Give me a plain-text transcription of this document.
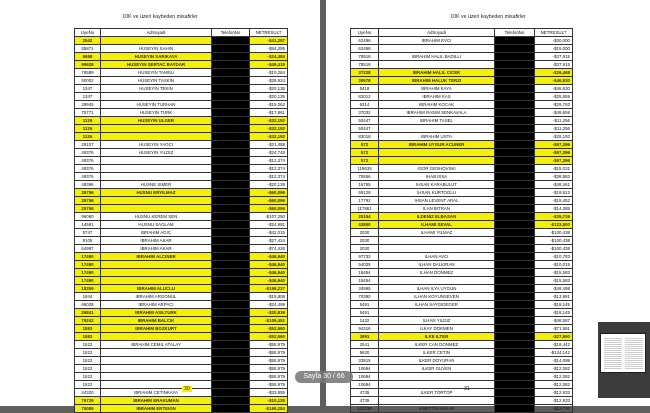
10K ve üzeri kaybeden misafirler
UyeNo	AdSoyadi	TelefonNo	NETRESULT
2542			-$41,287
55871	HUSEYIN SAHIN		-$54,395
5658	HUSEYIN SARIKAYA		-$24,484
99928	HUSEYIN SERTAC BAYDAR		-$49,419
78589	HUSEYIN TAMSU		-$10,284
50002	HUSEYIN TASKIN		-$28,924
1347	HUSEYIN TEKIN		-$20,135
1347			-$20,135
29945	HUSEYIN TURHAN		-$15,062
75771	HUSEYIN TURK		-$17,861
1126	HUSEYIN ULGER		-$32,192
1126			-$32,192
1126			-$32,192
29107	HUSEYIN YAGCI		-$21,488
49376	HUSEYIN YILDIZ		-$24,748
49376			-$12,374
49376			-$12,374
49376			-$12,374
48396	HUSNE SIMER		-$20,138
25756	HUSNU ERYILMAZ		-$60,096
25756			-$60,096
25756			-$60,096
96060	HUSNU KEREM SEN		-$107,250
14581	HUSNU SAGLAM		-$24,991
5747	IBRAHIM AGIC		-$42,015
9105	IBRAHIM AKAR		-$27,424
54997	IBRAHIM AKAR		-$74,426
17490	IBRAHIM ALCINER		-$46,940
17490			-$46,940
17490			-$46,940
17490			-$46,940
18359	IBRAHIM ALUCLU		-$166,227
1844	IBRAHIM ARGONUL		-$15,808
66028	IBRAHIM ARPACI		-$24,499
26841	IBRAHIM ASILTURK		-$20,839
79242	IBRAHIM BALCIK		-$109,451
1583	IBRAHIM BOZKURT		-$52,560
1583			-$52,560
1522	IBRAHIM CEMIL ATALAY		-$55,979
1522			-$55,979
1522			-$55,979
1522			-$55,979
1522			-$55,979
1522			-$55,979
44320	IBRAHIM CETINKAYA		-$33,855
76729	IBRAHIM ERAKUMAN		-$10,125
79089	IBRAHIM ERTEKIN		-$169,284
30
10K ve üzeri kaybeden misafirler
UyeNo	AdSoyadi	TelefonNo	NETRESULT
62498	IBRAHIM EVCI		-$30,000
62498			-$15,000
78518	IBRAHIM HALIL BADILLI		-$37,915
78518			-$37,915
37228	IBRAHIM HALIL CICEK		-$26,468
39578	IBRAHIM HALUK TERZI		-$46,930
5418	IBRAHIM KAYA		-$46,930
82013	IBRAHIM KAS		-$25,659
6314	IBRAHIM KOCAK		-$29,783
37032	IBRAHIM RASIM SENKAVALA		-$49,659
50447	IBRAHIM TASEL		-$11,256
50447			-$11,256
83018	IBRAHIM USTA		-$29,192
572	IBRAHIM UYGUR ACUNER		-$97,396
572			-$97,396
572			-$97,396
119639	IGOR GESHOVSKI		-$15,031
75556	IHAB ISSA		-$38,883
16755	IHSAN KARABULUT		-$48,461
69128	IHSAN KURTOGLU		-$19,913
17792	IHSAN LEVENT ARAL		-$19,452
117861	ILAN BITRAN		-$14,385
25154	ILDENIZ ELBASAN		-$35,726
43800	ILHAMI SEVAL		-$123,500
2030	ILHAMI YILMAZ		-$100,438
2030			-$100,438
2030			-$100,438
97733	ILHAN AVCI		-$10,783
54035	ILHAN DALKIRAN		-$10,015
18454	ILHAN DONMEZ		-$15,583
18454			-$15,583
34995	ILHAN ILYA UYGUN		-$49,498
70390	ILHAN KOYUNSEVEN		-$13,981
5491	ILHAN SAYGIDEGER		-$18,145
5491			-$18,145
1432	ILHAN YILDIZ		-$48,587
94316	ILKAY DOKMEN		-$71,591
3991	ILKE ILTER		-$27,990
2541	ILKER CAN DONMEZ		-$19,442
5620	ILKER CETIN		-$124,142
33815	ILKER DOYURAN		-$14,099
10694	ILKER GUVEN		-$12,082
10694			-$12,082
10694			-$12,082
4735	ILKER TORTOP		-$12,933
4735			-$12,933
123230	ILMETTIN ASKAR		-$13,730
31
Sayfa 30 / 66
